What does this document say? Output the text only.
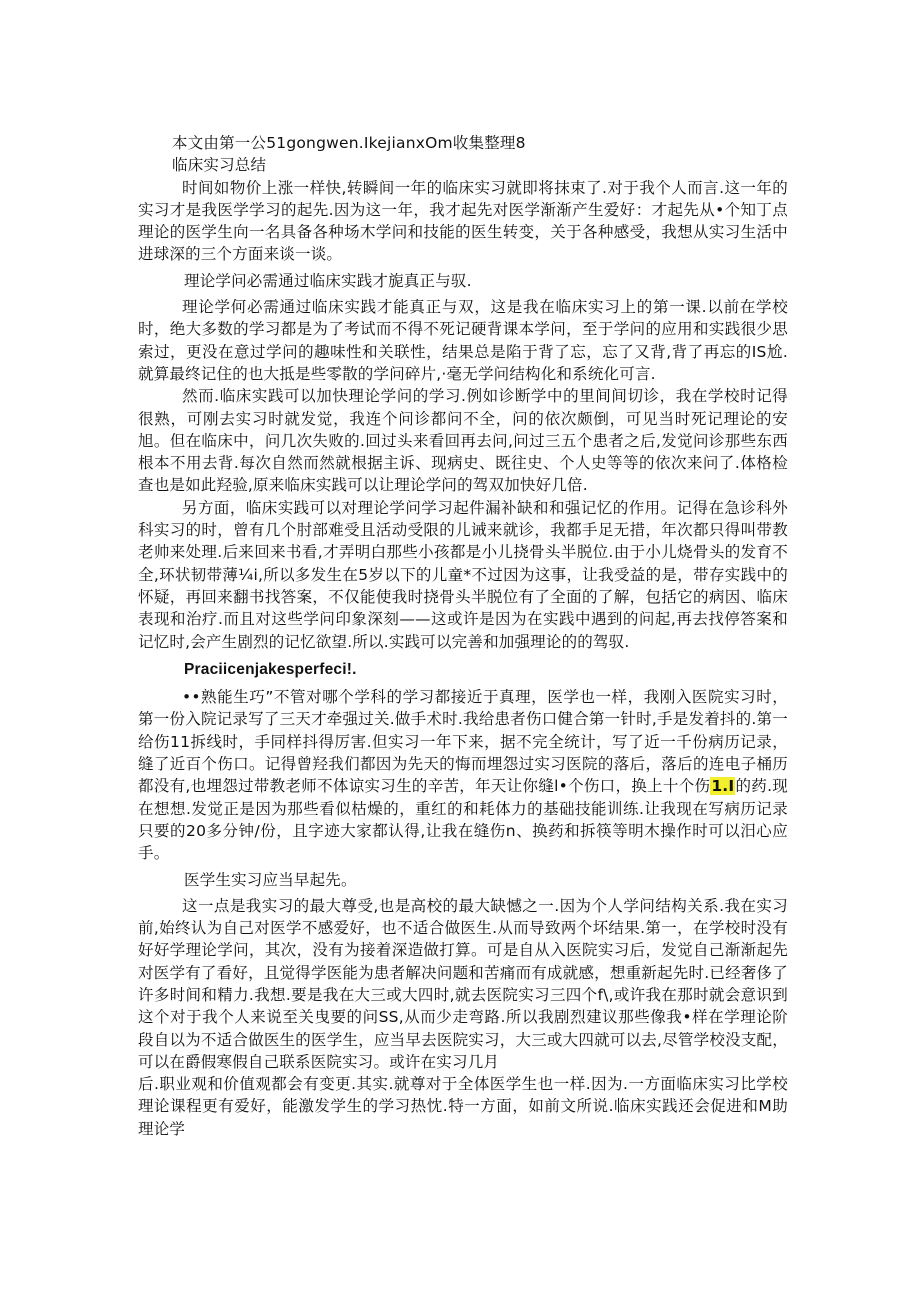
本文由第一公51gongwen.IkejianxOm收集整理8

临床实习总结

时间如物价上涨一样快,转瞬间一年的临床实习就即将抹束了.对于我个人而言.这一年的实习才是我医学学习的起先.因为这一年，我才起先对医学渐渐产生爱好：才起先从•个知丁点理论的医学生向一名具备各种场木学问和技能的医生转变，关于各种感受，我想从实习生活中进球深的三个方面来谈一谈。

理论学问必需通过临床实践才旎真正与驭.

理论学何必需通过临床实践才能真正与双，这是我在临床实习上的第一课.以前在学校时，绝大多数的学习都是为了考试而不得不死记硬背课本学问，至于学问的应用和实践很少思索过，更没在意过学问的趣味性和关联性，结果总是陷于背了忘，忘了又背,背了再忘的IS尬.就算最终记住的也大抵是些零散的学问碎片,·毫无学问结构化和系统化可言.

然而.临床实践可以加快理论学问的学习.例如诊断学中的里间间切诊，我在学校时记得很熟，可刚去实习时就发觉，我连个问诊都问不全，问的依次颇倒，可见当时死记理论的安旭。但在临床中，问几次失败的.回过头来看回再去问,问过三五个患者之后,发觉问诊那些东西根本不用去背.每次自然而然就根据主诉、现病史、既往史、个人史等等的依次来问了.体格检查也是如此羟验,原来临床实践可以让理论学问的驾双加快好几倍.

另方面，临床实践可以对理论学问学习起件漏补缺和和强记忆的作用。记得在急诊科外科实习的时，曾有几个肘部难受且活动受限的儿诫来就诊，我都手足无措，年次都只得叫带教老帅来处理.后来回来书看,才弄明白那些小孩都是小儿挠骨头半脱位.由于小儿烧骨头的发育不全,环状韧带薄¼i,所以多发生在5岁以下的儿童*不过因为这事，让我受益的是，带存实践中的怀疑，再回来翻书找答案，不仅能使我时挠骨头半脱位有了全面的了解，包括它的病因、临床表现和治疗.而且对这些学问印象深刻——这或许是因为在实践中遇到的问起,再去找停答案和记忆时,会产生剧烈的记忆欲望.所以.实践可以完善和加强理论的的驾驭.

Praciicenjakesperfeci!.

••熟能生巧”不管对哪个学科的学习都接近于真理，医学也一样，我刚入医院实习时，第一份入院记录写了三天才牵强过关.做手术时.我给患者伤口健合第一针时,手是发着抖的.第一给伤11拆线时，手同样抖得厉害.但实习一年下来，据不完全统计，写了近一千份病历记录，缝了近百个伤口。记得曾羟我们都因为先天的悔而埋怨过实习医院的落后，落后的连电子桶历都没有,也埋怨过带教老师不体谅实习生的辛苦，年天让你缝l•个伤口，换上十个伤1.I的药.现在想想.发觉正是因为那些看似枯燥的，重红的和耗体力的基础技能训练.让我现在写病历记录只要的20多分钟/份，且字迹大家都认得,让我在缝伤n、换药和拆筷等明木操作时可以汨心应手。

医学生实习应当早起先。

这一点是我实习的最大尊受,也是高校的最大缺憾之一.因为个人学问结构关系.我在实习前,始终认为自己对医学不感爱好，也不适合做医生.从而导致两个坏结果.第一，在学校时没有好好学理论学问，其次，没有为接着深造做打算。可是自从入医院实习后，发觉自己渐渐起先对医学有了看好，且觉得学医能为患者解决问题和苦痛而有成就感，想重新起先时.已经奢侈了许多时间和精力.我想.要是我在大三或大四时,就去医院实习三四个f\,或许我在那时就会意识到这个对于我个人来说至关曳要的问SS,从而少走弯路.所以我剧烈建议那些像我•样在学理论阶段自以为不适合做医生的医学生，应当早去医院实习，大三或大四就可以去,尽管学校没支配，可以在爵假寒假自己联系医院实习。或许在实习几月

后.职业观和价值观都会有变更.其实.就尊对于全体医学生也一样.因为.一方面临床实习比学校理论课程更有爱好，能激发学生的学习热忱.特一方面，如前文所说.临床实践还会促进和M助理论学
